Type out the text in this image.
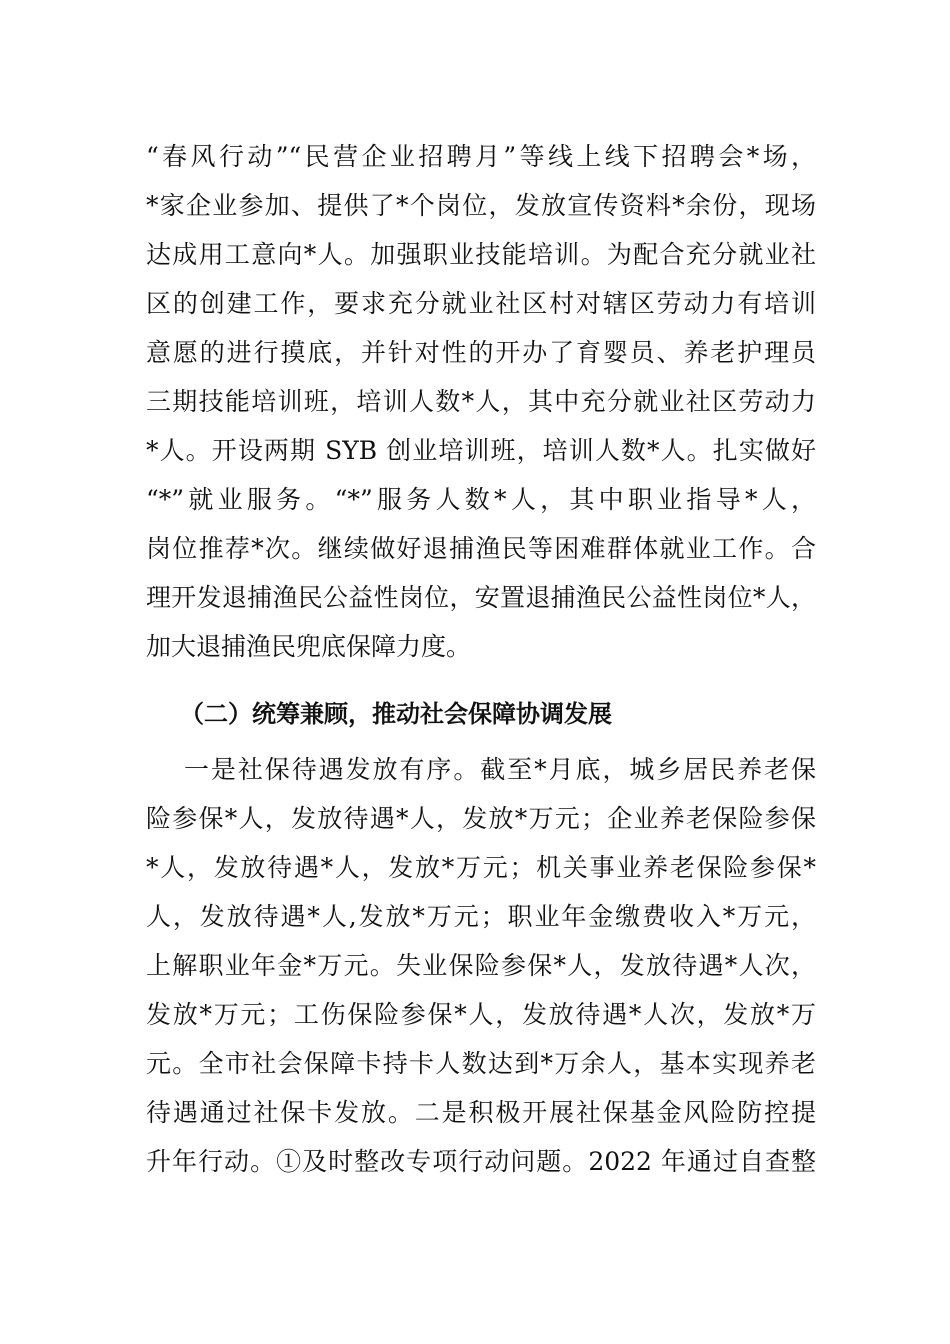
“春风行动”“民营企业招聘月”等线上线下招聘会*场，
*家企业参加、提供了*个岗位，发放宣传资料*余份，现场
达成用工意向*人。加强职业技能培训。为配合充分就业社
区的创建工作，要求充分就业社区村对辖区劳动力有培训
意愿的进行摸底，并针对性的开办了育婴员、养老护理员
三期技能培训班，培训人数*人，其中充分就业社区劳动力
*人。开设两期 SYB 创业培训班，培训人数*人。扎实做好
“*”就业服务。“*”服务人数*人，其中职业指导*人，
岗位推荐*次。继续做好退捕渔民等困难群体就业工作。合
理开发退捕渔民公益性岗位，安置退捕渔民公益性岗位*人，
加大退捕渔民兜底保障力度。
（二）统筹兼顾，推动社会保障协调发展
一是社保待遇发放有序。截至*月底，城乡居民养老保
险参保*人，发放待遇*人，发放*万元；企业养老保险参保
*人，发放待遇*人，发放*万元；机关事业养老保险参保*
人，发放待遇*人,发放*万元；职业年金缴费收入*万元，
上解职业年金*万元。失业保险参保*人，发放待遇*人次，
发放*万元；工伤保险参保*人，发放待遇*人次，发放*万
元。全市社会保障卡持卡人数达到*万余人，基本实现养老
待遇通过社保卡发放。二是积极开展社保基金风险防控提
升年行动。①及时整改专项行动问题。2022 年通过自查整
